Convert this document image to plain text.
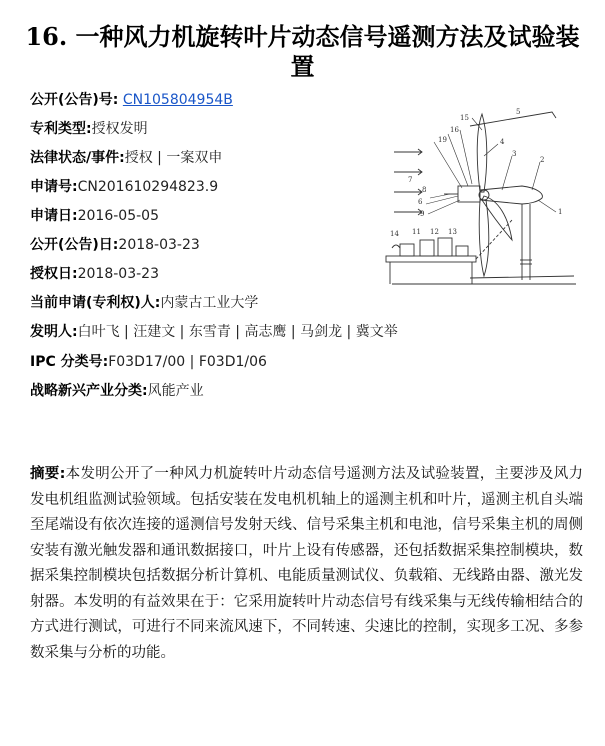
16. 一种风力机旋转叶片动态信号遥测方法及试验装置
公开(公告)号: CN105804954B
专利类型:授权发明
法律状态/事件:授权 | 一案双申
申请号:CN201610294823.9
申请日:2016-05-05
公开(公告)日:2018-03-23
授权日:2018-03-23
当前申请(专利权)人:内蒙古工业大学
发明人:白叶飞 | 汪建文 | 东雪青 | 高志鹰 | 马剑龙 | 冀文举
IPC 分类号:F03D17/00 | F03D1/06
战略新兴产业分类:风能产业
5
15
16
19	4
3
2
1
6
9
8
7
14 11 12 13
摘要:本发明公开了一种风力机旋转叶片动态信号遥测方法及试验装置，主要涉及风力发电机组监测试验领域。包括安装在发电机机轴上的遥测主机和叶片，遥测主机自头端至尾端设有依次连接的遥测信号发射天线、信号采集主机和电池，信号采集主机的周侧安装有激光触发器和通讯数据接口，叶片上设有传感器，还包括数据采集控制模块，数据采集控制模块包括数据分析计算机、电能质量测试仪、负载箱、无线路由器、激光发射器。本发明的有益效果在于：它采用旋转叶片动态信号有线采集与无线传输相结合的方式进行测试，可进行不同来流风速下，不同转速、尖速比的控制，实现多工况、多参数采集与分析的功能。
